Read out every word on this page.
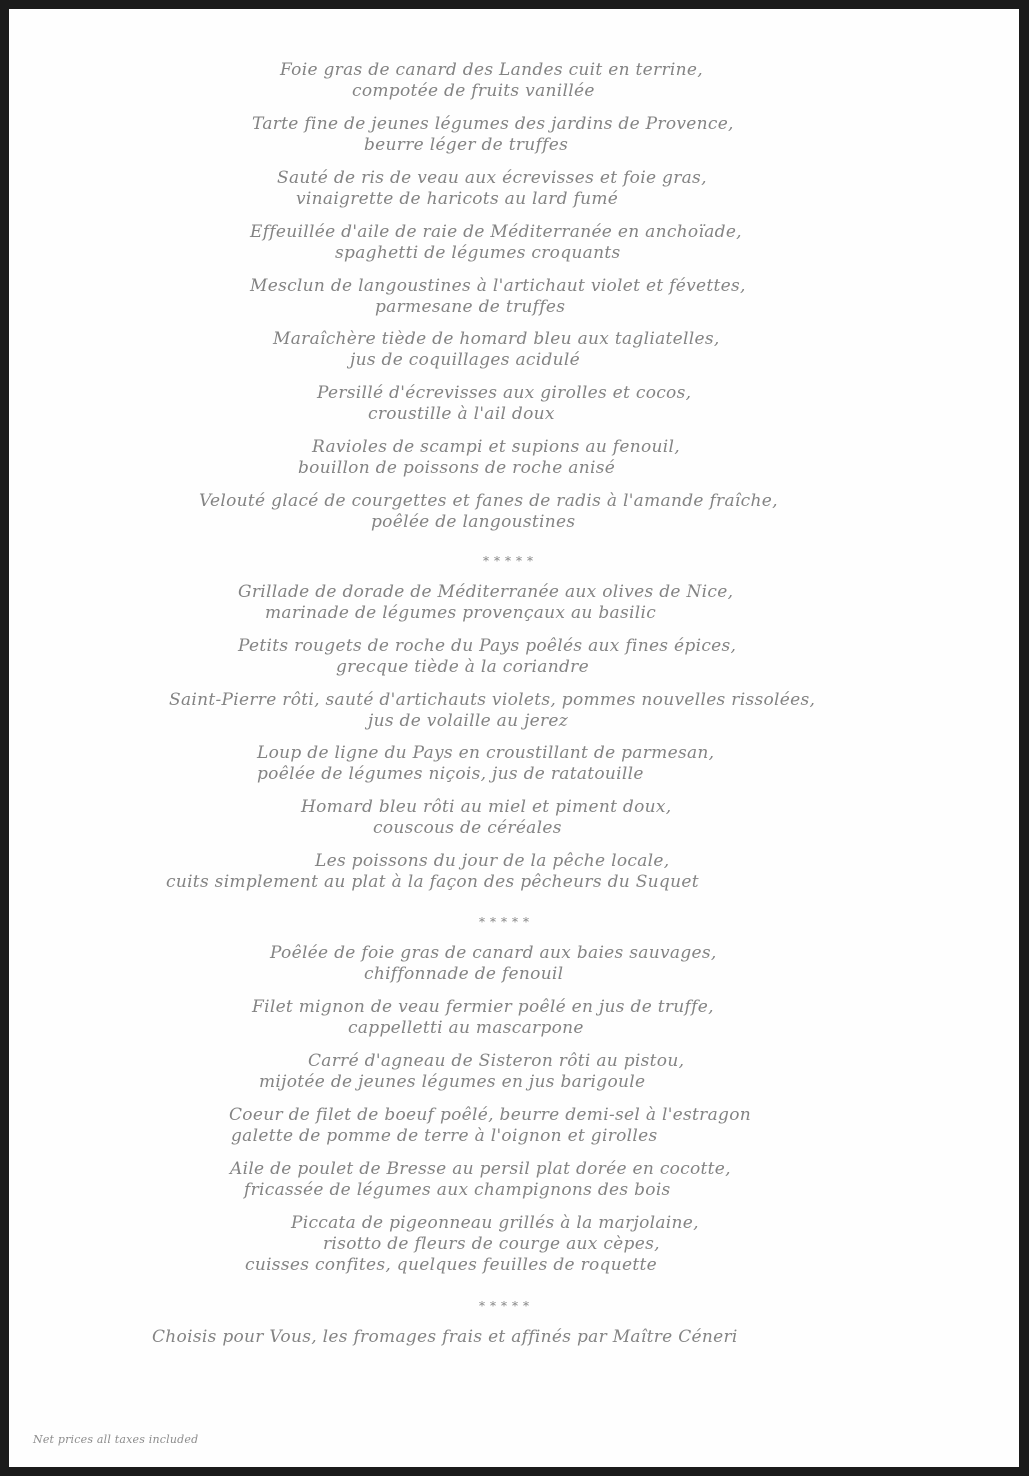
Foie gras de canard des Landes cuit en terrine,
compotée de fruits vanillée
Tarte fine de jeunes légumes des jardins de Provence,
beurre léger de truffes
Sauté de ris de veau aux écrevisses et foie gras,
vinaigrette de haricots au lard fumé
Effeuillée d'aile de raie de Méditerranée en anchoïade,
spaghetti de légumes croquants
Mesclun de langoustines à l'artichaut violet et févettes,
parmesane de truffes
Maraîchère tiède de homard bleu aux tagliatelles,
jus de coquillages acidulé
Persillé d'écrevisses aux girolles et cocos,
croustille à l'ail doux
Ravioles de scampi et supions au fenouil,
bouillon de poissons de roche anisé
Velouté glacé de courgettes et fanes de radis à l'amande fraîche,
poêlée de langoustines
*****
Grillade de dorade de Méditerranée aux olives de Nice,
marinade de légumes provençaux au basilic
Petits rougets de roche du Pays poêlés aux fines épices,
grecque tiède à la coriandre
Saint-Pierre rôti, sauté d'artichauts violets, pommes nouvelles rissolées,
jus de volaille au jerez
Loup de ligne du Pays en croustillant de parmesan,
poêlée de légumes niçois, jus de ratatouille
Homard bleu rôti au miel et piment doux,
couscous de céréales
Les poissons du jour de la pêche locale,
cuits simplement au plat à la façon des pêcheurs du Suquet
*****
Poêlée de foie gras de canard aux baies sauvages,
chiffonnade de fenouil
Filet mignon de veau fermier poêlé en jus de truffe,
cappelletti au mascarpone
Carré d'agneau de Sisteron rôti au pistou,
mijotée de jeunes légumes en jus barigoule
Coeur de filet de boeuf poêlé, beurre demi-sel à l'estragon
galette de pomme de terre à l'oignon et girolles
Aile de poulet de Bresse au persil plat dorée en cocotte,
fricassée de légumes aux champignons des bois
Piccata de pigeonneau grillés à la marjolaine,
risotto de fleurs de courge aux cèpes,
cuisses confites, quelques feuilles de roquette
*****
Choisis pour Vous, les fromages frais et affinés par Maître Céneri
Net prices all taxes included
